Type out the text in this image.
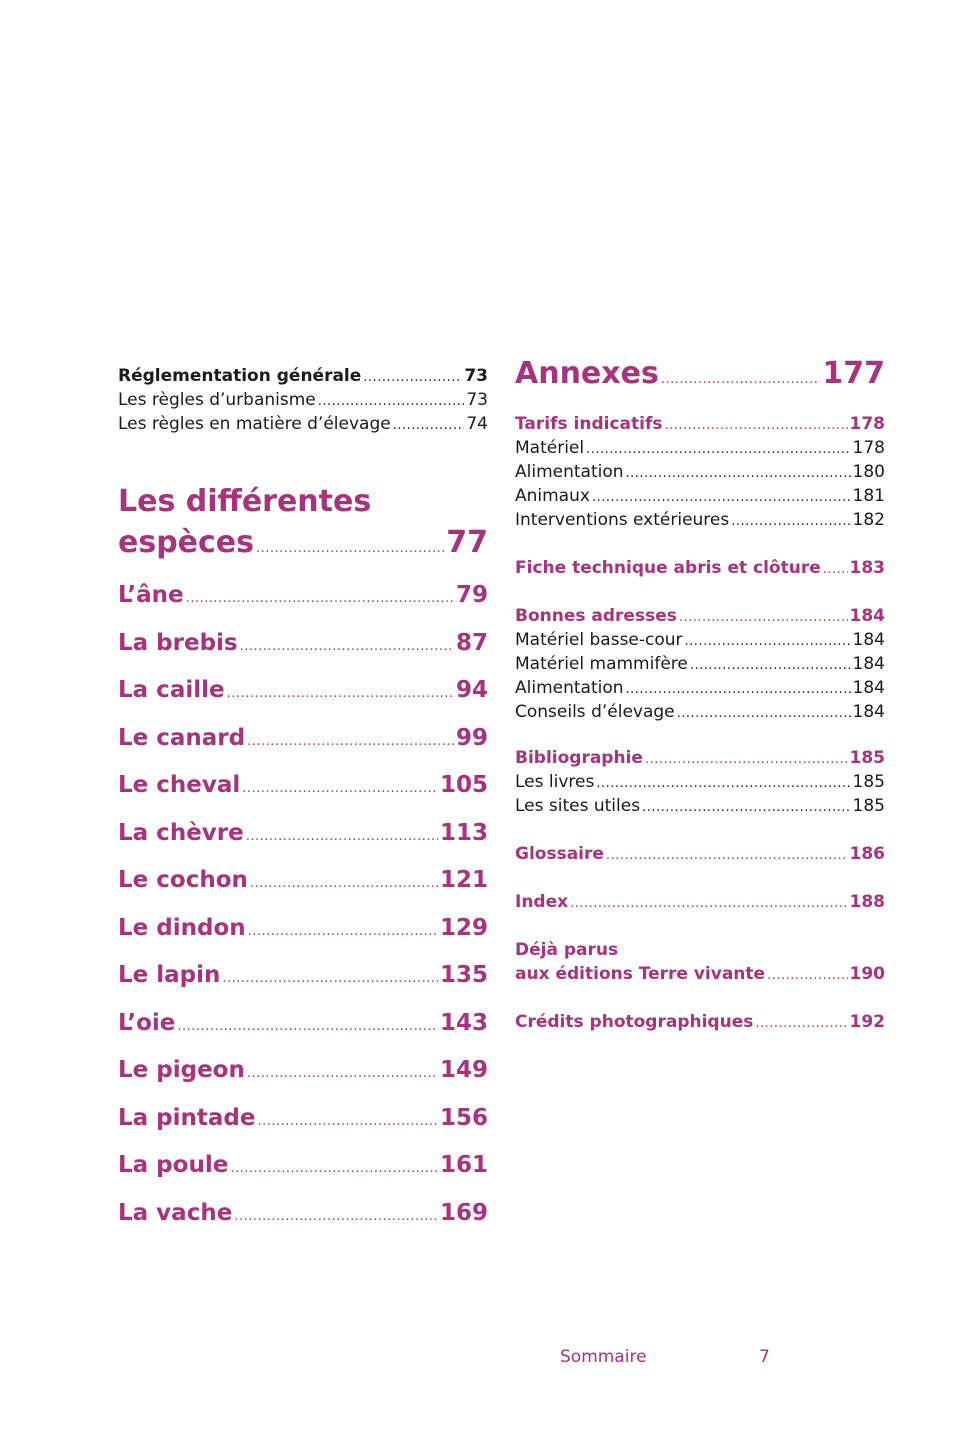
Réglementation générale .....	73
Les règles d’urbanisme .....	73
Les règles en matière d’élevage .....	74
Les différentes
espèces .....	77
L’âne .....	79
La brebis .....	87
La caille .....	94
Le canard .....	99
Le cheval .....	105
La chèvre .....	113
Le cochon .....	121
Le dindon .....	129
Le lapin .....	135
L’oie .....	143
Le pigeon .....	149
La pintade .....	156
La poule .....	161
La vache .....	169
Annexes .....	177
Tarifs indicatifs .....	178
Matériel .....	178
Alimentation .....	180
Animaux .....	181
Interventions extérieures .....	182
Fiche technique abris et clôture ..... 183
Bonnes adresses .....	184
Matériel basse-cour .....	184
Matériel mammifère .....	184
Alimentation .....	184
Conseils d’élevage .....	184
Bibliographie .....	185
Les livres .....	185
Les sites utiles .....	185
Glossaire .....	186
Index .....	188
Déjà parus
aux éditions Terre vivante .....	190
Crédits photographiques .....	192
Sommaire	7
